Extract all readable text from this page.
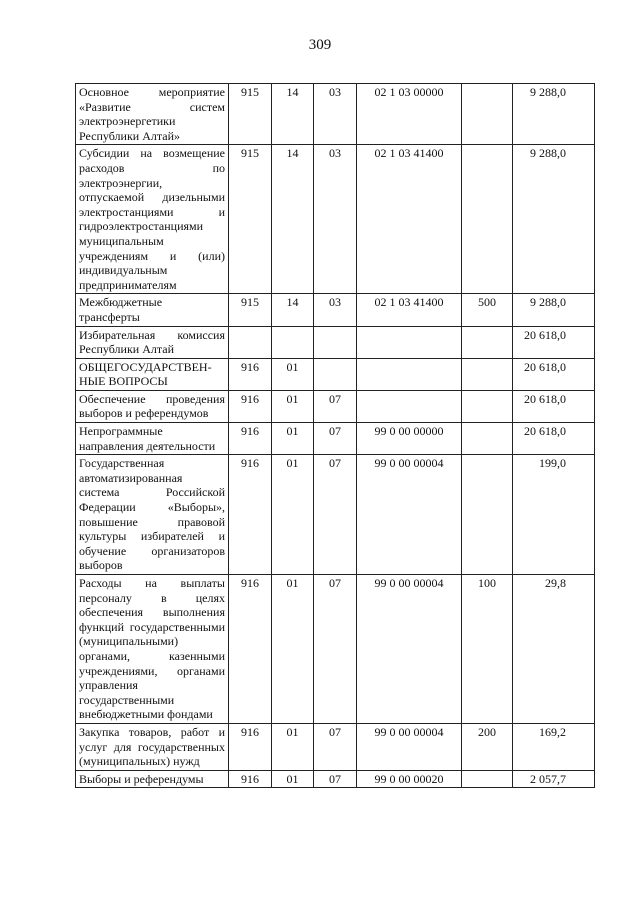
309
Основное мероприятие «Развитие систем электроэнергетики Республики Алтай»	915	14	03	02 1 03 00000		9 288,0
Субсидии на возмещение расходов по электроэнергии, отпускаемой дизельными электростанциями и гидроэлектростанциями муниципальным учреждениям и (или) индивидуальным предпринимателям	915	14	03	02 1 03 41400		9 288,0
Межбюджетные трансферты	915	14	03	02 1 03 41400	500	9 288,0
Избирательная комиссия Республики Алтай						20 618,0
ОБЩЕГОСУДАРСТВЕН-НЫЕ ВОПРОСЫ	916	01				20 618,0
Обеспечение проведения выборов и референдумов	916	01	07			20 618,0
Непрограммные направления деятельности	916	01	07	99 0 00 00000		20 618,0
Государственная автоматизированная система Российской Федерации «Выборы», повышение правовой культуры избирателей и обучение организаторов выборов	916	01	07	99 0 00 00004		199,0
Расходы на выплаты персоналу в целях обеспечения выполнения функций государственными (муниципальными) органами, казенными учреждениями, органами управления государственными внебюджетными фондами	916	01	07	99 0 00 00004	100	29,8
Закупка товаров, работ и услуг для государственных (муниципальных) нужд	916	01	07	99 0 00 00004	200	169,2
Выборы и референдумы	916	01	07	99 0 00 00020		2 057,7
